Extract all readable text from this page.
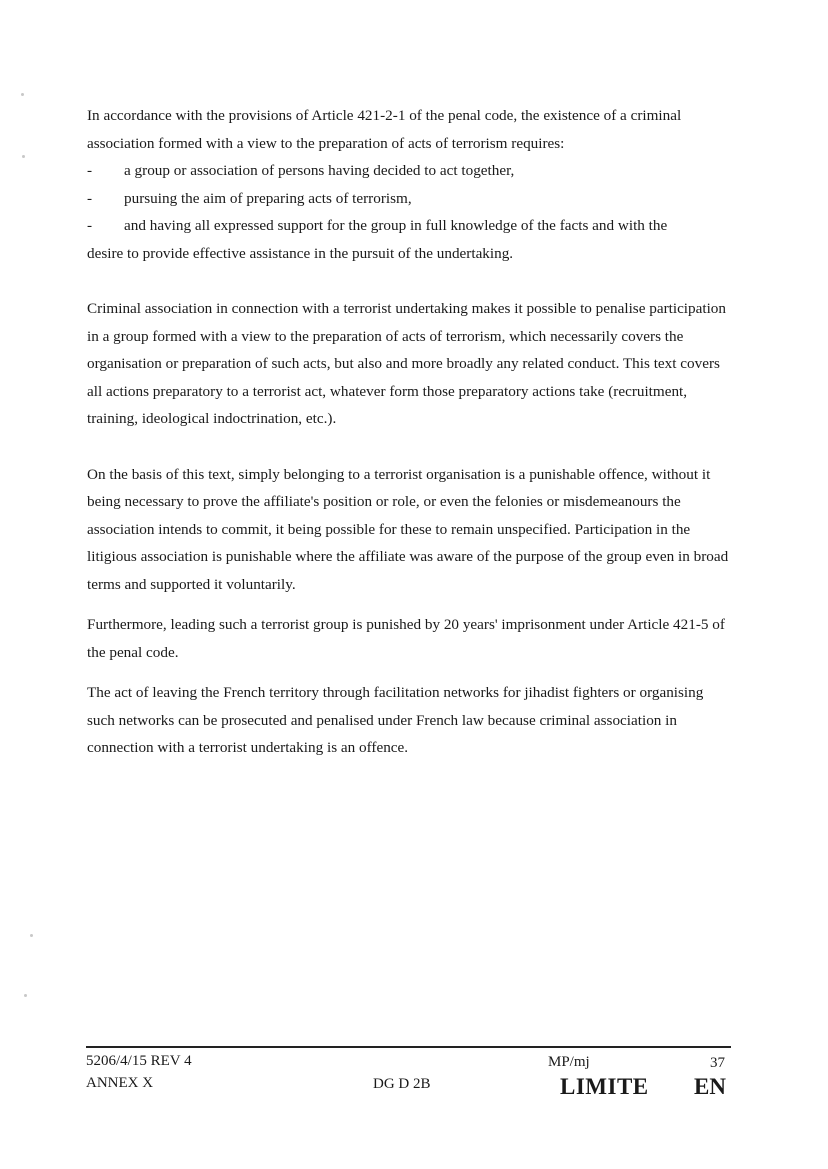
In accordance with the provisions of Article 421-2-1 of the penal code, the existence of a criminal association formed with a view to the preparation of acts of terrorism requires:

- a group or association of persons having decided to act together,
- pursuing the aim of preparing acts of terrorism,
- and having all expressed support for the group in full knowledge of the facts and with the

desire to provide effective assistance in the pursuit of the undertaking.

Criminal association in connection with a terrorist undertaking makes it possible to penalise participation in a group formed with a view to the preparation of acts of terrorism, which necessarily covers the organisation or preparation of such acts, but also and more broadly any related conduct. This text covers all actions preparatory to a terrorist act, whatever form those preparatory actions take (recruitment, training, ideological indoctrination, etc.).

On the basis of this text, simply belonging to a terrorist organisation is a punishable offence, without it being necessary to prove the affiliate's position or role, or even the felonies or misdemeanours the association intends to commit, it being possible for these to remain unspecified. Participation in the litigious association is punishable where the affiliate was aware of the purpose of the group even in broad terms and supported it voluntarily.

Furthermore, leading such a terrorist group is punished by 20 years' imprisonment under Article 421-5 of the penal code.

The act of leaving the French territory through facilitation networks for jihadist fighters or organising such networks can be prosecuted and penalised under French law because criminal association in connection with a terrorist undertaking is an offence.

5206/4/15 REV 4
ANNEX X	DG D 2B
MP/mj	37
LIMITE EN
